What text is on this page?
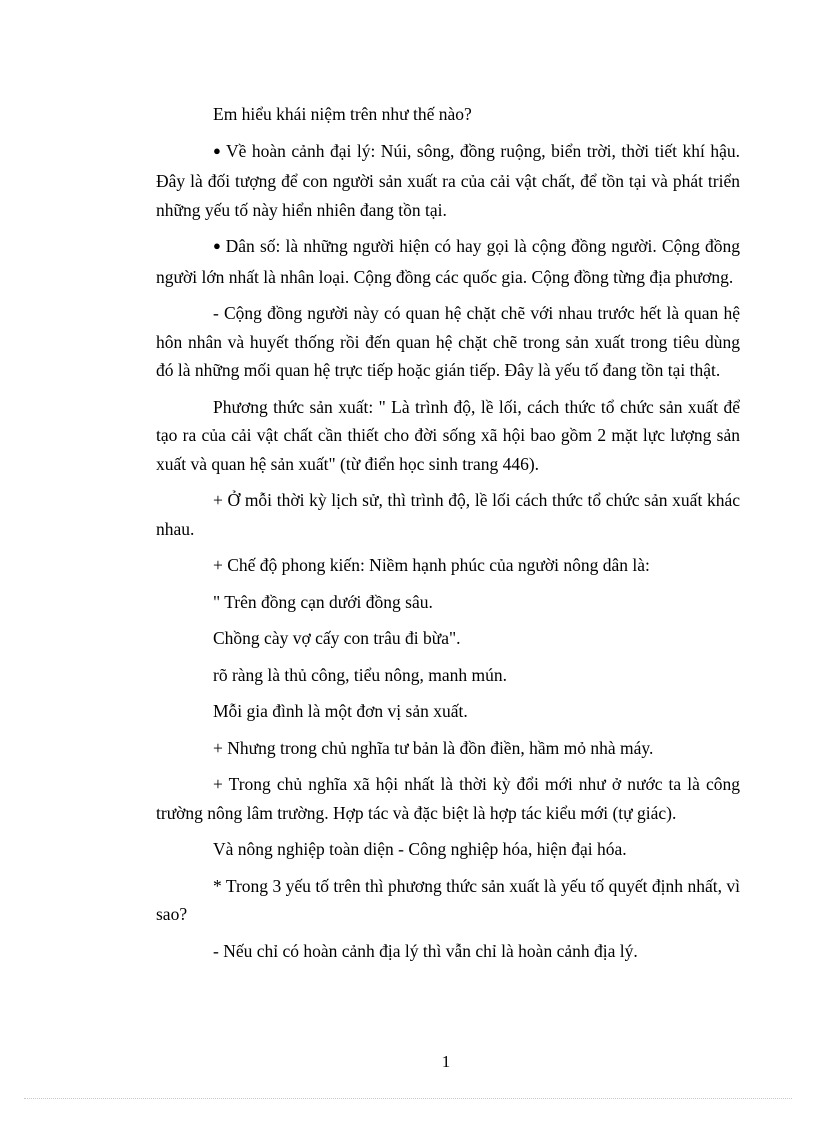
Em hiểu khái niệm trên như thế nào?

● Về hoàn cảnh đại lý: Núi, sông, đồng ruộng, biển trời, thời tiết khí hậu. Đây là đối tượng để con người sản xuất ra của cải vật chất, để tồn tại và phát triển những yếu tố này hiển nhiên đang tồn tại.

● Dân số: là những người hiện có hay gọi là cộng đồng người. Cộng đồng người lớn nhất là nhân loại. Cộng đồng các quốc gia. Cộng đồng từng địa phương.

- Cộng đồng người này có quan hệ chặt chẽ với nhau trước hết là quan hệ hôn nhân và huyết thống rồi đến quan hệ chặt chẽ trong sản xuất trong tiêu dùng đó là những mối quan hệ trực tiếp hoặc gián tiếp. Đây là yếu tố đang tồn tại thật.

Phương thức sản xuất: " Là trình độ, lề lối, cách thức tổ chức sản xuất để tạo ra của cải vật chất cần thiết cho đời sống xã hội bao gồm 2 mặt lực lượng sản xuất và quan hệ sản xuất" (từ điển học sinh trang 446).

+ Ở mỗi thời kỳ lịch sử, thì trình độ, lề lối cách thức tổ chức sản xuất khác nhau.

+ Chế độ phong kiến: Niềm hạnh phúc của người nông dân là:

" Trên đồng cạn dưới đồng sâu.

Chồng cày vợ cấy con trâu đi bừa".

rõ ràng là thủ công, tiểu nông, manh mún.

Mỗi gia đình là một đơn vị sản xuất.

+ Nhưng trong chủ nghĩa tư bản là đồn điền, hầm mỏ nhà máy.

+ Trong chủ nghĩa xã hội nhất là thời kỳ đổi mới như ở nước ta là công trường nông lâm trường. Hợp tác và đặc biệt là hợp tác kiểu mới (tự giác).

Và nông nghiệp toàn diện - Công nghiệp hóa, hiện đại hóa.

* Trong 3 yếu tố trên thì phương thức sản xuất là yếu tố quyết định nhất, vì sao?

- Nếu chỉ có hoàn cảnh địa lý thì vẫn chỉ là hoàn cảnh địa lý.

1
